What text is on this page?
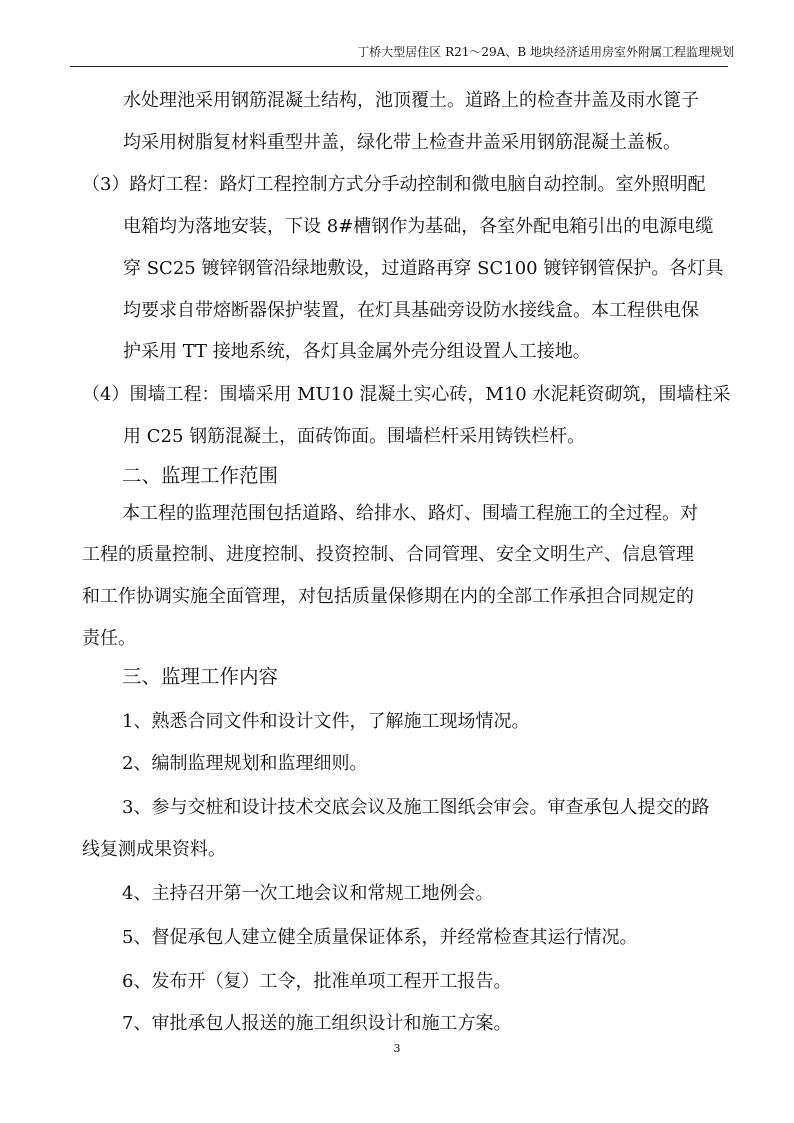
丁桥大型居住区 R21～29A、B 地块经济适用房室外附属工程监理规划
水处理池采用钢筋混凝土结构，池顶覆土。道路上的检查井盖及雨水篦子
均采用树脂复材料重型井盖，绿化带上检查井盖采用钢筋混凝土盖板。
（3）路灯工程：路灯工程控制方式分手动控制和微电脑自动控制。室外照明配
电箱均为落地安装，下设 8#槽钢作为基础，各室外配电箱引出的电源电缆
穿 SC25 镀锌钢管沿绿地敷设，过道路再穿 SC100 镀锌钢管保护。各灯具
均要求自带熔断器保护装置，在灯具基础旁设防水接线盒。本工程供电保
护采用 TT 接地系统，各灯具金属外壳分组设置人工接地。
（4）围墙工程：围墙采用 MU10 混凝土实心砖，M10 水泥耗资砌筑，围墙柱采
用 C25 钢筋混凝土，面砖饰面。围墙栏杆采用铸铁栏杆。
二、监理工作范围
本工程的监理范围包括道路、给排水、路灯、围墙工程施工的全过程。对
工程的质量控制、进度控制、投资控制、合同管理、安全文明生产、信息管理
和工作协调实施全面管理，对包括质量保修期在内的全部工作承担合同规定的
责任。
三、监理工作内容
1、熟悉合同文件和设计文件，了解施工现场情况。
2、编制监理规划和监理细则。
3、参与交桩和设计技术交底会议及施工图纸会审会。审查承包人提交的路
线复测成果资料。
4、主持召开第一次工地会议和常规工地例会。
5、督促承包人建立健全质量保证体系，并经常检查其运行情况。
6、发布开（复）工令，批准单项工程开工报告。
7、审批承包人报送的施工组织设计和施工方案。
3
